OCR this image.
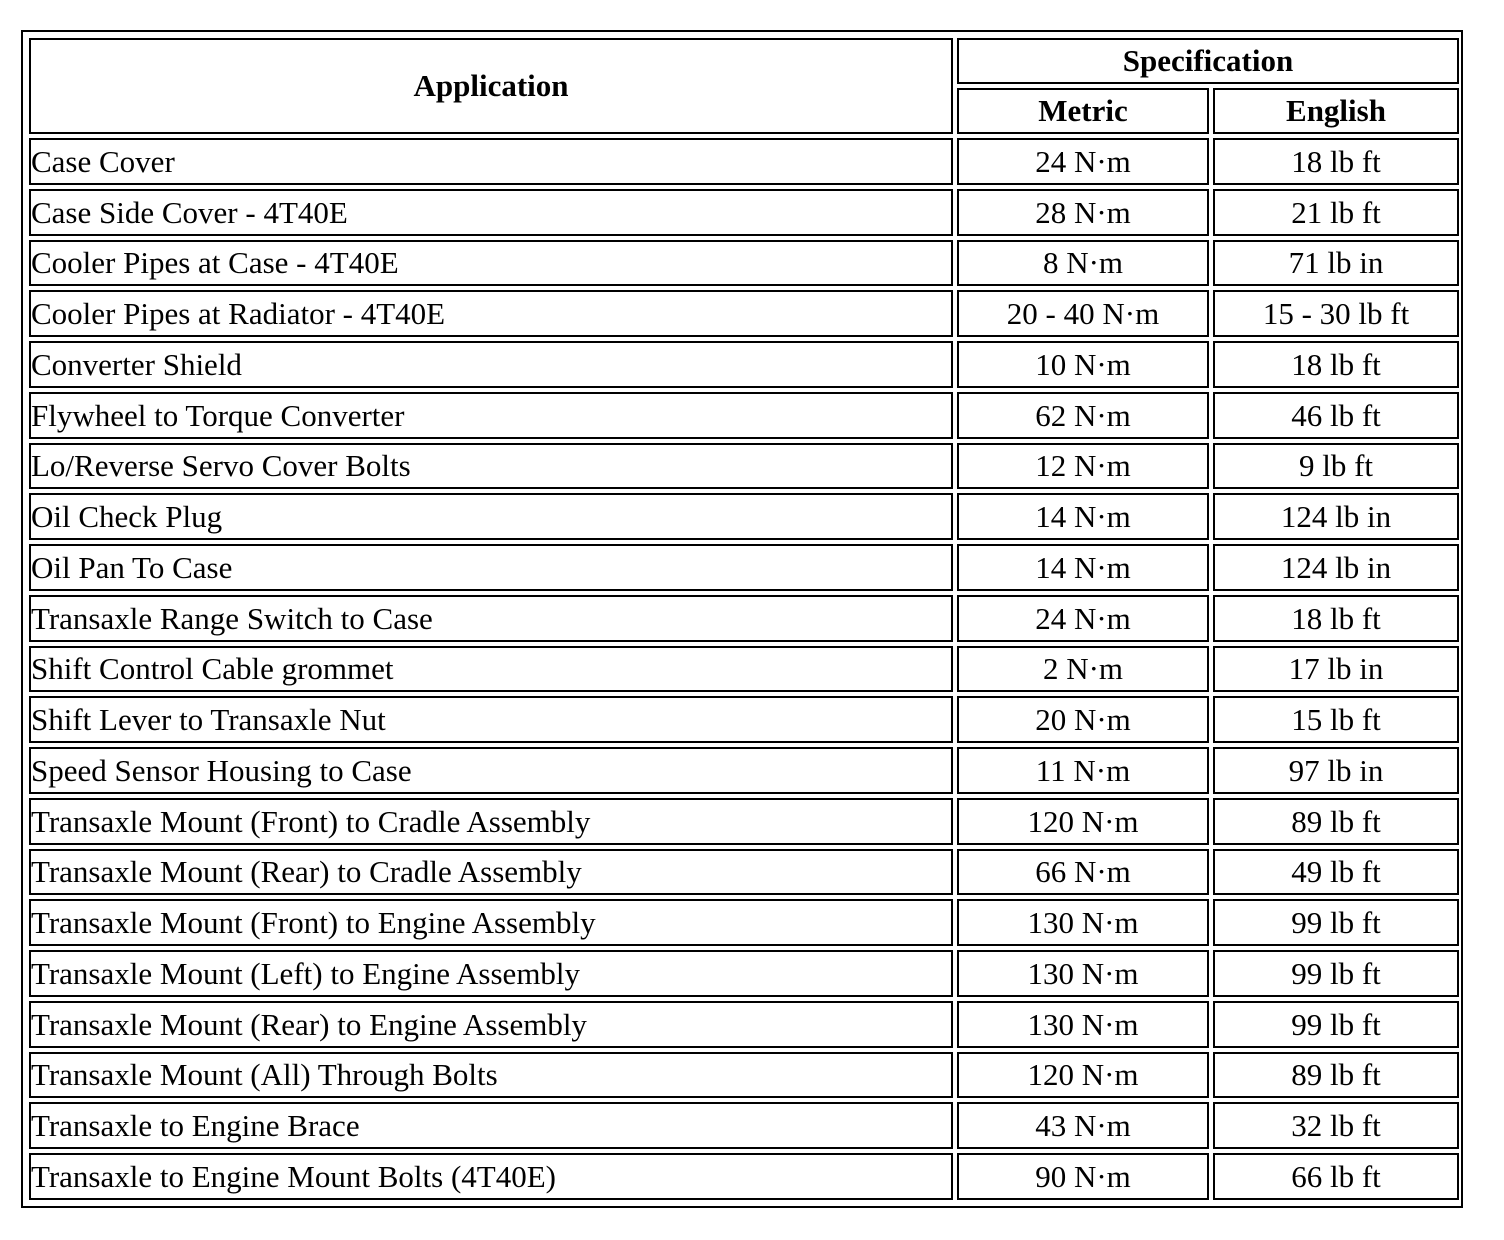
Application	Specification	
	Metric	English
Case Cover	24 N·m	18 lb ft
Case Side Cover - 4T40E	28 N·m	21 lb ft
Cooler Pipes at Case - 4T40E	8 N·m	71 lb in
Cooler Pipes at Radiator - 4T40E	20 - 40 N·m	15 - 30 lb ft
Converter Shield	10 N·m	18 lb ft
Flywheel to Torque Converter	62 N·m	46 lb ft
Lo/Reverse Servo Cover Bolts	12 N·m	9 lb ft
Oil Check Plug	14 N·m	124 lb in
Oil Pan To Case	14 N·m	124 lb in
Transaxle Range Switch to Case	24 N·m	18 lb ft
Shift Control Cable grommet	2 N·m	17 lb in
Shift Lever to Transaxle Nut	20 N·m	15 lb ft
Speed Sensor Housing to Case	11 N·m	97 lb in
Transaxle Mount (Front) to Cradle Assembly	120 N·m	89 lb ft
Transaxle Mount (Rear) to Cradle Assembly	66 N·m	49 lb ft
Transaxle Mount (Front) to Engine Assembly	130 N·m	99 lb ft
Transaxle Mount (Left) to Engine Assembly	130 N·m	99 lb ft
Transaxle Mount (Rear) to Engine Assembly	130 N·m	99 lb ft
Transaxle Mount (All) Through Bolts	120 N·m	89 lb ft
Transaxle to Engine Brace	43 N·m	32 lb ft
Transaxle to Engine Mount Bolts (4T40E)	90 N·m	66 lb ft
